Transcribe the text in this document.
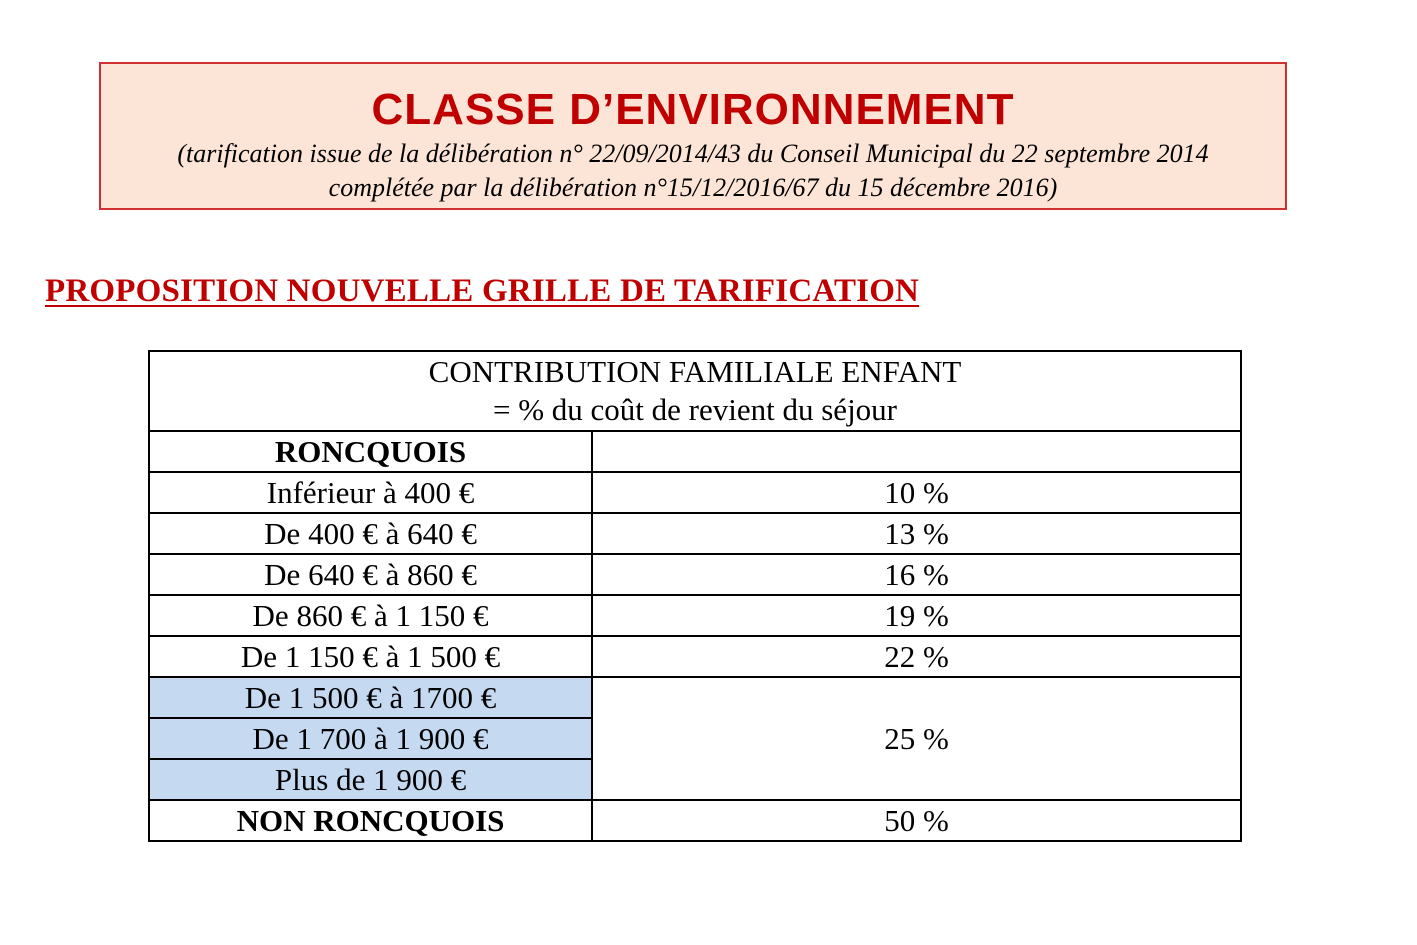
CLASSE D’ENVIRONNEMENT
(tarification issue de la délibération n° 22/09/2014/43 du Conseil Municipal du 22 septembre 2014
complétée par la délibération n°15/12/2016/67 du 15 décembre 2016)
PROPOSITION NOUVELLE GRILLE DE TARIFICATION
CONTRIBUTION FAMILIALE ENFANT
= % du coût de revient du séjour	

RONCQUOIS	
Inférieur à 400 €	10 %
De 400 € à 640 €	13 %
De 640 € à 860 €	16 %
De 860 € à 1 150 €	19 %
De 1 150 € à 1 500 €	22 %
De 1 500 € à 1700 €	25 %
De 1 700 à 1 900 €	
Plus de 1 900 €	
NON RONCQUOIS	50 %
